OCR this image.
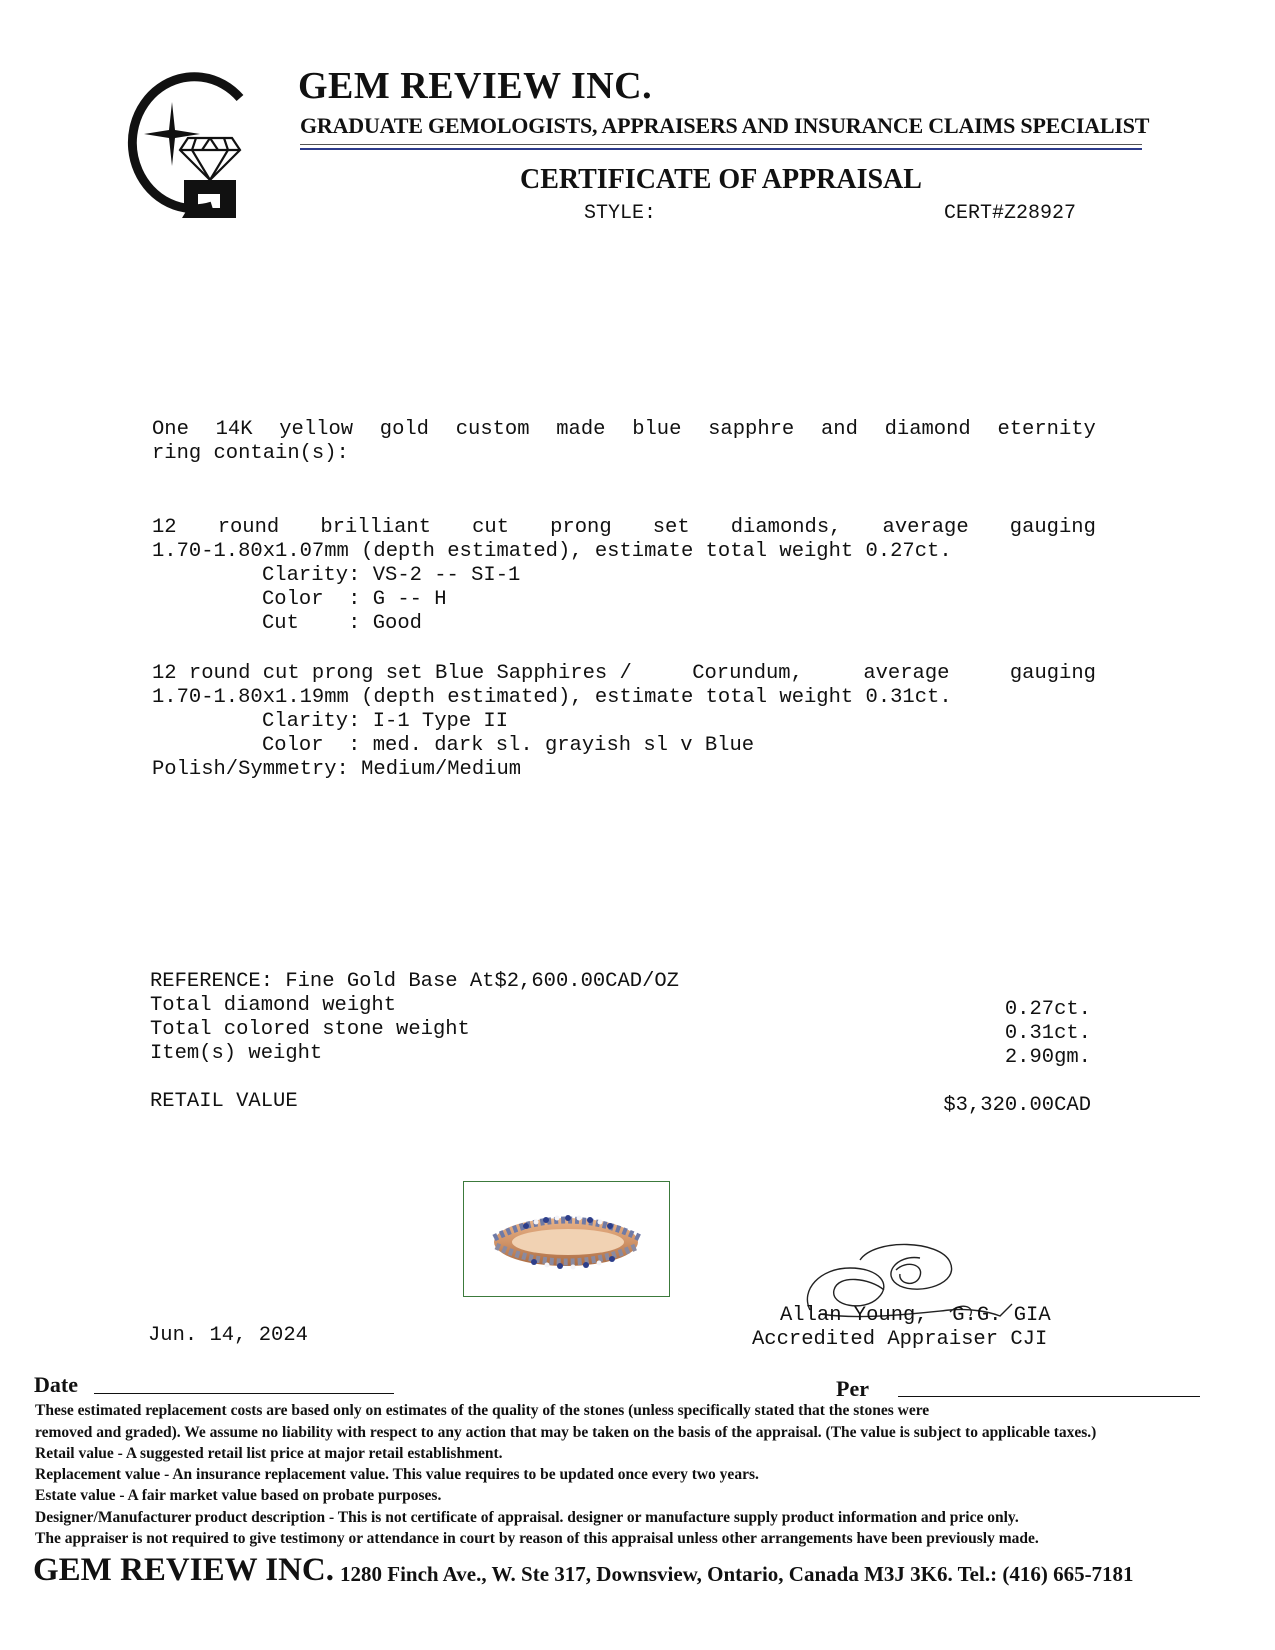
GEM REVIEW INC.
GRADUATE GEMOLOGISTS, APPRAISERS AND INSURANCE CLAIMS SPECIALIST
CERTIFICATE OF APPRAISAL
STYLE:	CERT#Z28927
One 14K yellow gold custom made blue sapphre and diamond eternity
ring contain(s):
12 round brilliant cut prong set diamonds, average gauging
1.70-1.80x1.07mm (depth estimated), estimate total weight 0.27ct.
Clarity: VS-2 -- SI-1
Color  : G -- H
Cut    : Good
12 round cut prong set Blue Sapphires /	Corundum,	average	gauging
1.70-1.80x1.19mm (depth estimated), estimate total weight 0.31ct.
Clarity: I-1 Type II
Color  : med. dark sl. grayish sl v Blue
Polish/Symmetry: Medium/Medium
REFERENCE: Fine Gold Base At$2,600.00CAD/OZ
Total diamond weight	0.27ct.
Total colored stone weight	0.31ct.
Item(s) weight	2.90gm.
RETAIL VALUE	$3,320.00CAD
Jun. 14, 2024
Allan Young,  G.G. GIA
Accredited Appraiser CJI
Date	Per
These estimated replacement costs are based only on estimates of the quality of the stones (unless specifically stated that the stones were
removed and graded). We assume no liability with respect to any action that may be taken on the basis of the appraisal. (The value is subject to applicable taxes.)
Retail value - A suggested retail list price at major retail establishment.
Replacement value - An insurance replacement value. This value requires to be updated once every two years.
Estate value - A fair market value based on probate purposes.
Designer/Manufacturer product description - This is not certificate of appraisal. designer or manufacture supply product information and price only.
The appraiser is not required to give testimony or attendance in court by reason of this appraisal unless other arrangements have been previously made.
GEM REVIEW INC. 1280 Finch Ave., W. Ste 317, Downsview, Ontario, Canada M3J 3K6. Tel.: (416) 665-7181
